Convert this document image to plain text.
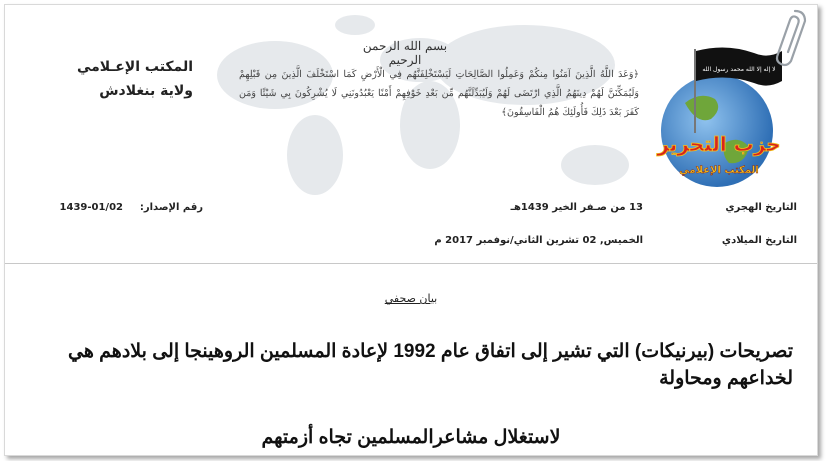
المكتب الإعـلامي
ولاية بنغلادش
بسم الله الرحمن الرحيم
﴿وَعَدَ اللَّهُ الَّذِينَ آمَنُوا مِنكُمْ وَعَمِلُوا الصَّالِحَاتِ لَيَسْتَخْلِفَنَّهُم فِي الْأَرْضِ كَمَا اسْتَخْلَفَ الَّذِينَ مِن قَبْلِهِمْ وَلَيُمَكِّنَنَّ لَهُمْ دِينَهُمُ الَّذِي ارْتَضَى لَهُمْ وَلَيُبَدِّلَنَّهُم مِّن بَعْدِ خَوْفِهِمْ أَمْنًا يَعْبُدُونَنِي لَا يُشْرِكُونَ بِي شَيْئًا وَمَن كَفَرَ بَعْدَ ذَلِكَ فَأُولَئِكَ هُمُ الْفَاسِقُونَ﴾
لا إله إلا الله محمد رسول الله
حزب التحرير
المكتب الإعلامي
التاريخ الهجري
13 من صـفر الخير 1439هـ
رقم الإصدار:
1439-01/02
التاريخ الميلادي
الخميس, 02 تشرين الثاني/نوفمبر 2017 م
بيان صحفي
تصريحات (بيرنيكات) التي تشير إلى اتفاق عام 1992 لإعادة المسلمين الروهينجا إلى بلادهم هي
لخداعهم ومحاولة
لاستغلال مشاعرالمسلمين تجاه أزمتهم
